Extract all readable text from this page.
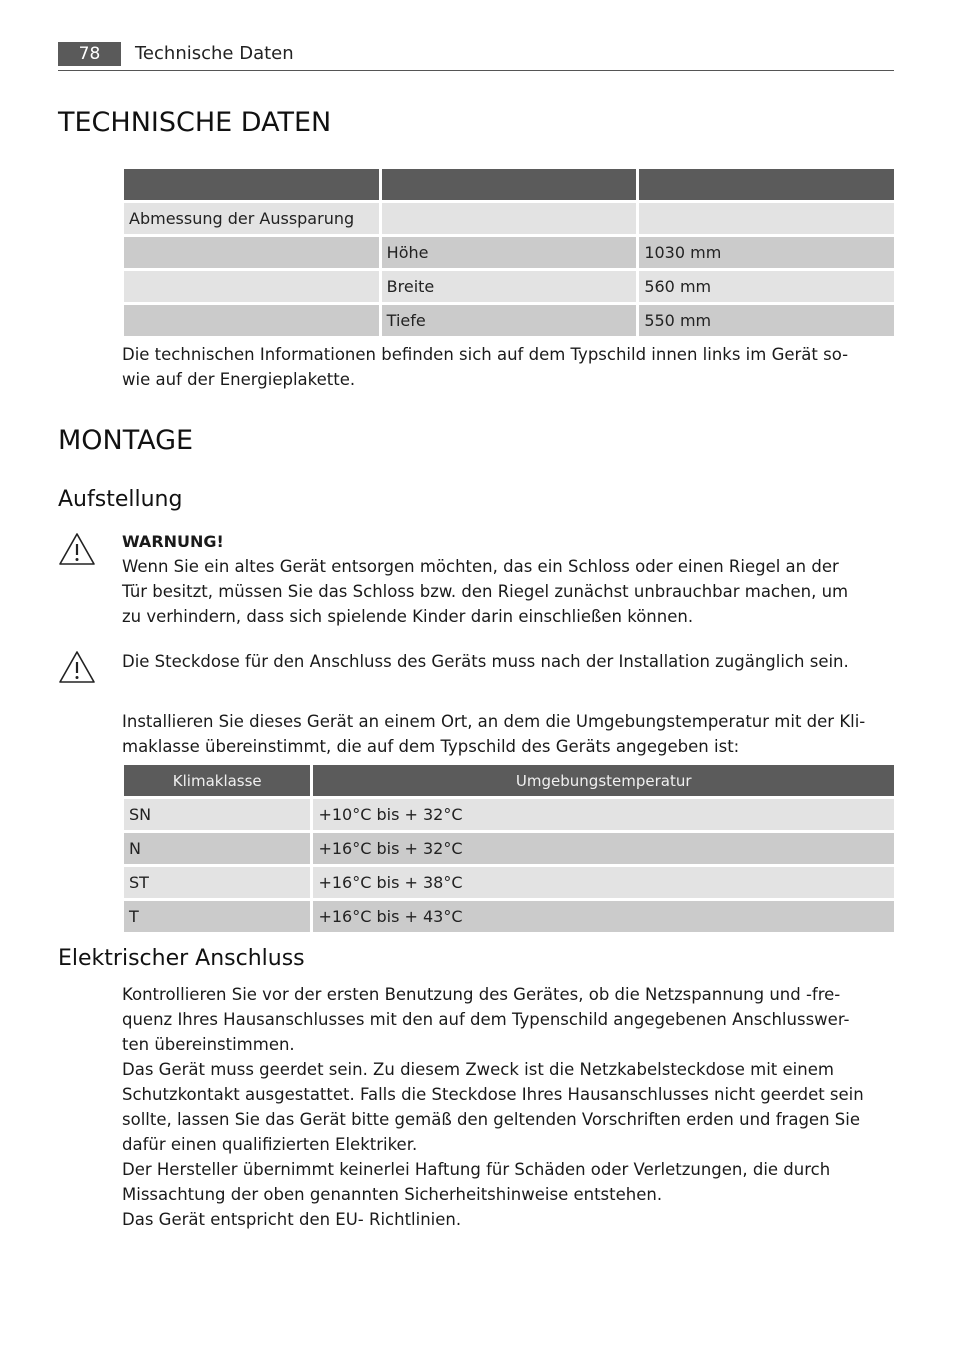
78	Technische Daten
TECHNISCHE DATEN

Abmessung der Aussparung		
	Höhe	1030 mm
	Breite	560 mm
	Tiefe	550 mm

Die technischen Informationen befinden sich auf dem Typschild innen links im Gerät so-
wie auf der Energieplakette.

MONTAGE
Aufstellung

WARNUNG!
Wenn Sie ein altes Gerät entsorgen möchten, das ein Schloss oder einen Riegel an der
Tür besitzt, müssen Sie das Schloss bzw. den Riegel zunächst unbrauchbar machen, um
zu verhindern, dass sich spielende Kinder darin einschließen können.

Die Steckdose für den Anschluss des Geräts muss nach der Installation zugänglich sein.

Installieren Sie dieses Gerät an einem Ort, an dem die Umgebungstemperatur mit der Kli-
maklasse übereinstimmt, die auf dem Typschild des Geräts angegeben ist:

Klimaklasse	Umgebungstemperatur
SN	+10°C bis + 32°C
N	+16°C bis + 32°C
ST	+16°C bis + 38°C
T	+16°C bis + 43°C
Elektrischer Anschluss

Kontrollieren Sie vor der ersten Benutzung des Gerätes, ob die Netzspannung und -fre-
quenz Ihres Hausanschlusses mit den auf dem Typenschild angegebenen Anschlusswer-
ten übereinstimmen.
Das Gerät muss geerdet sein. Zu diesem Zweck ist die Netzkabelsteckdose mit einem
Schutzkontakt ausgestattet. Falls die Steckdose Ihres Hausanschlusses nicht geerdet sein
sollte, lassen Sie das Gerät bitte gemäß den geltenden Vorschriften erden und fragen Sie
dafür einen qualifizierten Elektriker.
Der Hersteller übernimmt keinerlei Haftung für Schäden oder Verletzungen, die durch
Missachtung der oben genannten Sicherheitshinweise entstehen.
Das Gerät entspricht den EU- Richtlinien.
